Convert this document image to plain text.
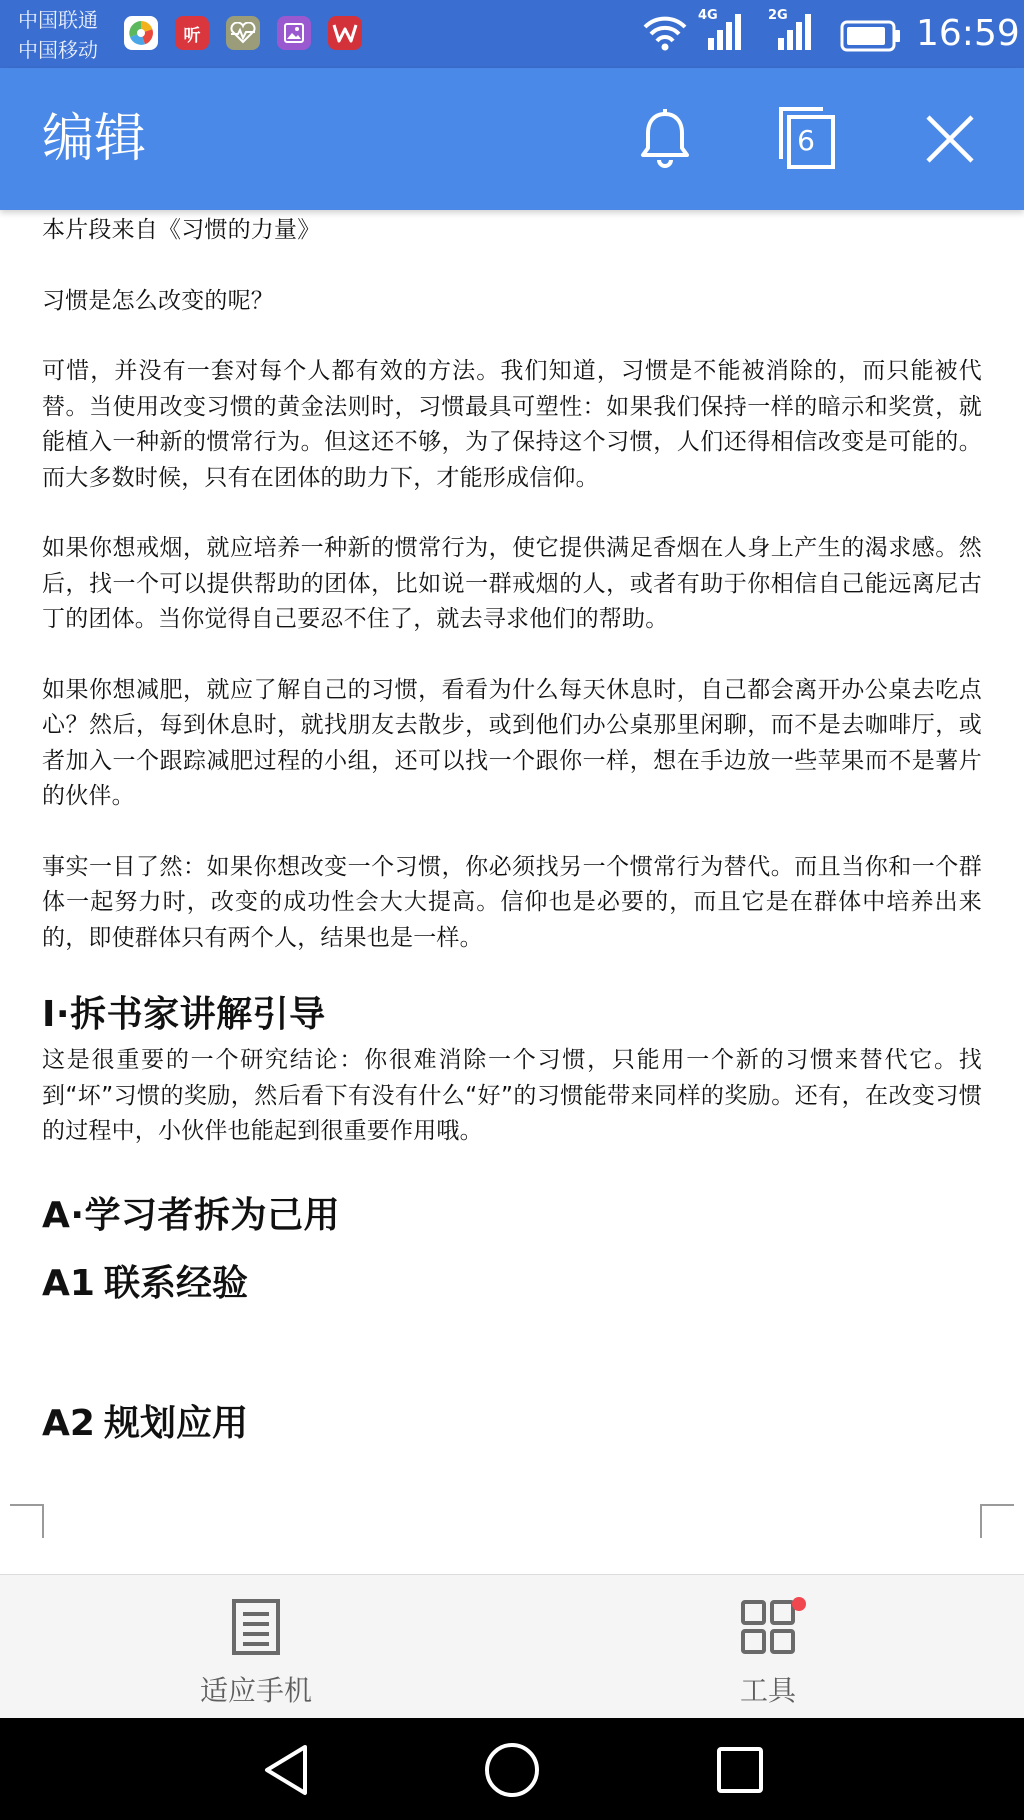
中国联通
中国移动
听
4G	2G	16:59
编辑	6

本片段来自《习惯的力量》

习惯是怎么改变的呢？

可惜，并没有一套对每个人都有效的方法。我们知道，习惯是不能被消除的，而只能被代替。当使用改变习惯的黄金法则时，习惯最具可塑性：如果我们保持一样的暗示和奖赏，就能植入一种新的惯常行为。但这还不够，为了保持这个习惯，人们还得相信改变是可能的。而大多数时候，只有在团体的助力下，才能形成信仰。

如果你想戒烟，就应培养一种新的惯常行为，使它提供满足香烟在人身上产生的渴求感。然后，找一个可以提供帮助的团体，比如说一群戒烟的人，或者有助于你相信自己能远离尼古丁的团体。当你觉得自己要忍不住了，就去寻求他们的帮助。

如果你想减肥，就应了解自己的习惯，看看为什么每天休息时，自己都会离开办公桌去吃点心？然后，每到休息时，就找朋友去散步，或到他们办公桌那里闲聊，而不是去咖啡厅，或者加入一个跟踪减肥过程的小组，还可以找一个跟你一样，想在手边放一些苹果而不是薯片的伙伴。

事实一目了然：如果你想改变一个习惯，你必须找另一个惯常行为替代。而且当你和一个群体一起努力时，改变的成功性会大大提高。信仰也是必要的，而且它是在群体中培养出来的，即使群体只有两个人，结果也是一样。

I·拆书家讲解引导

这是很重要的一个研究结论：你很难消除一个习惯，只能用一个新的习惯来替代它。找到“坏”习惯的奖励，然后看下有没有什么“好”的习惯能带来同样的奖励。还有，在改变习惯的过程中，小伙伴也能起到很重要作用哦。

A·学习者拆为己用
A1 联系经验
A2 规划应用
适应手机	工具
